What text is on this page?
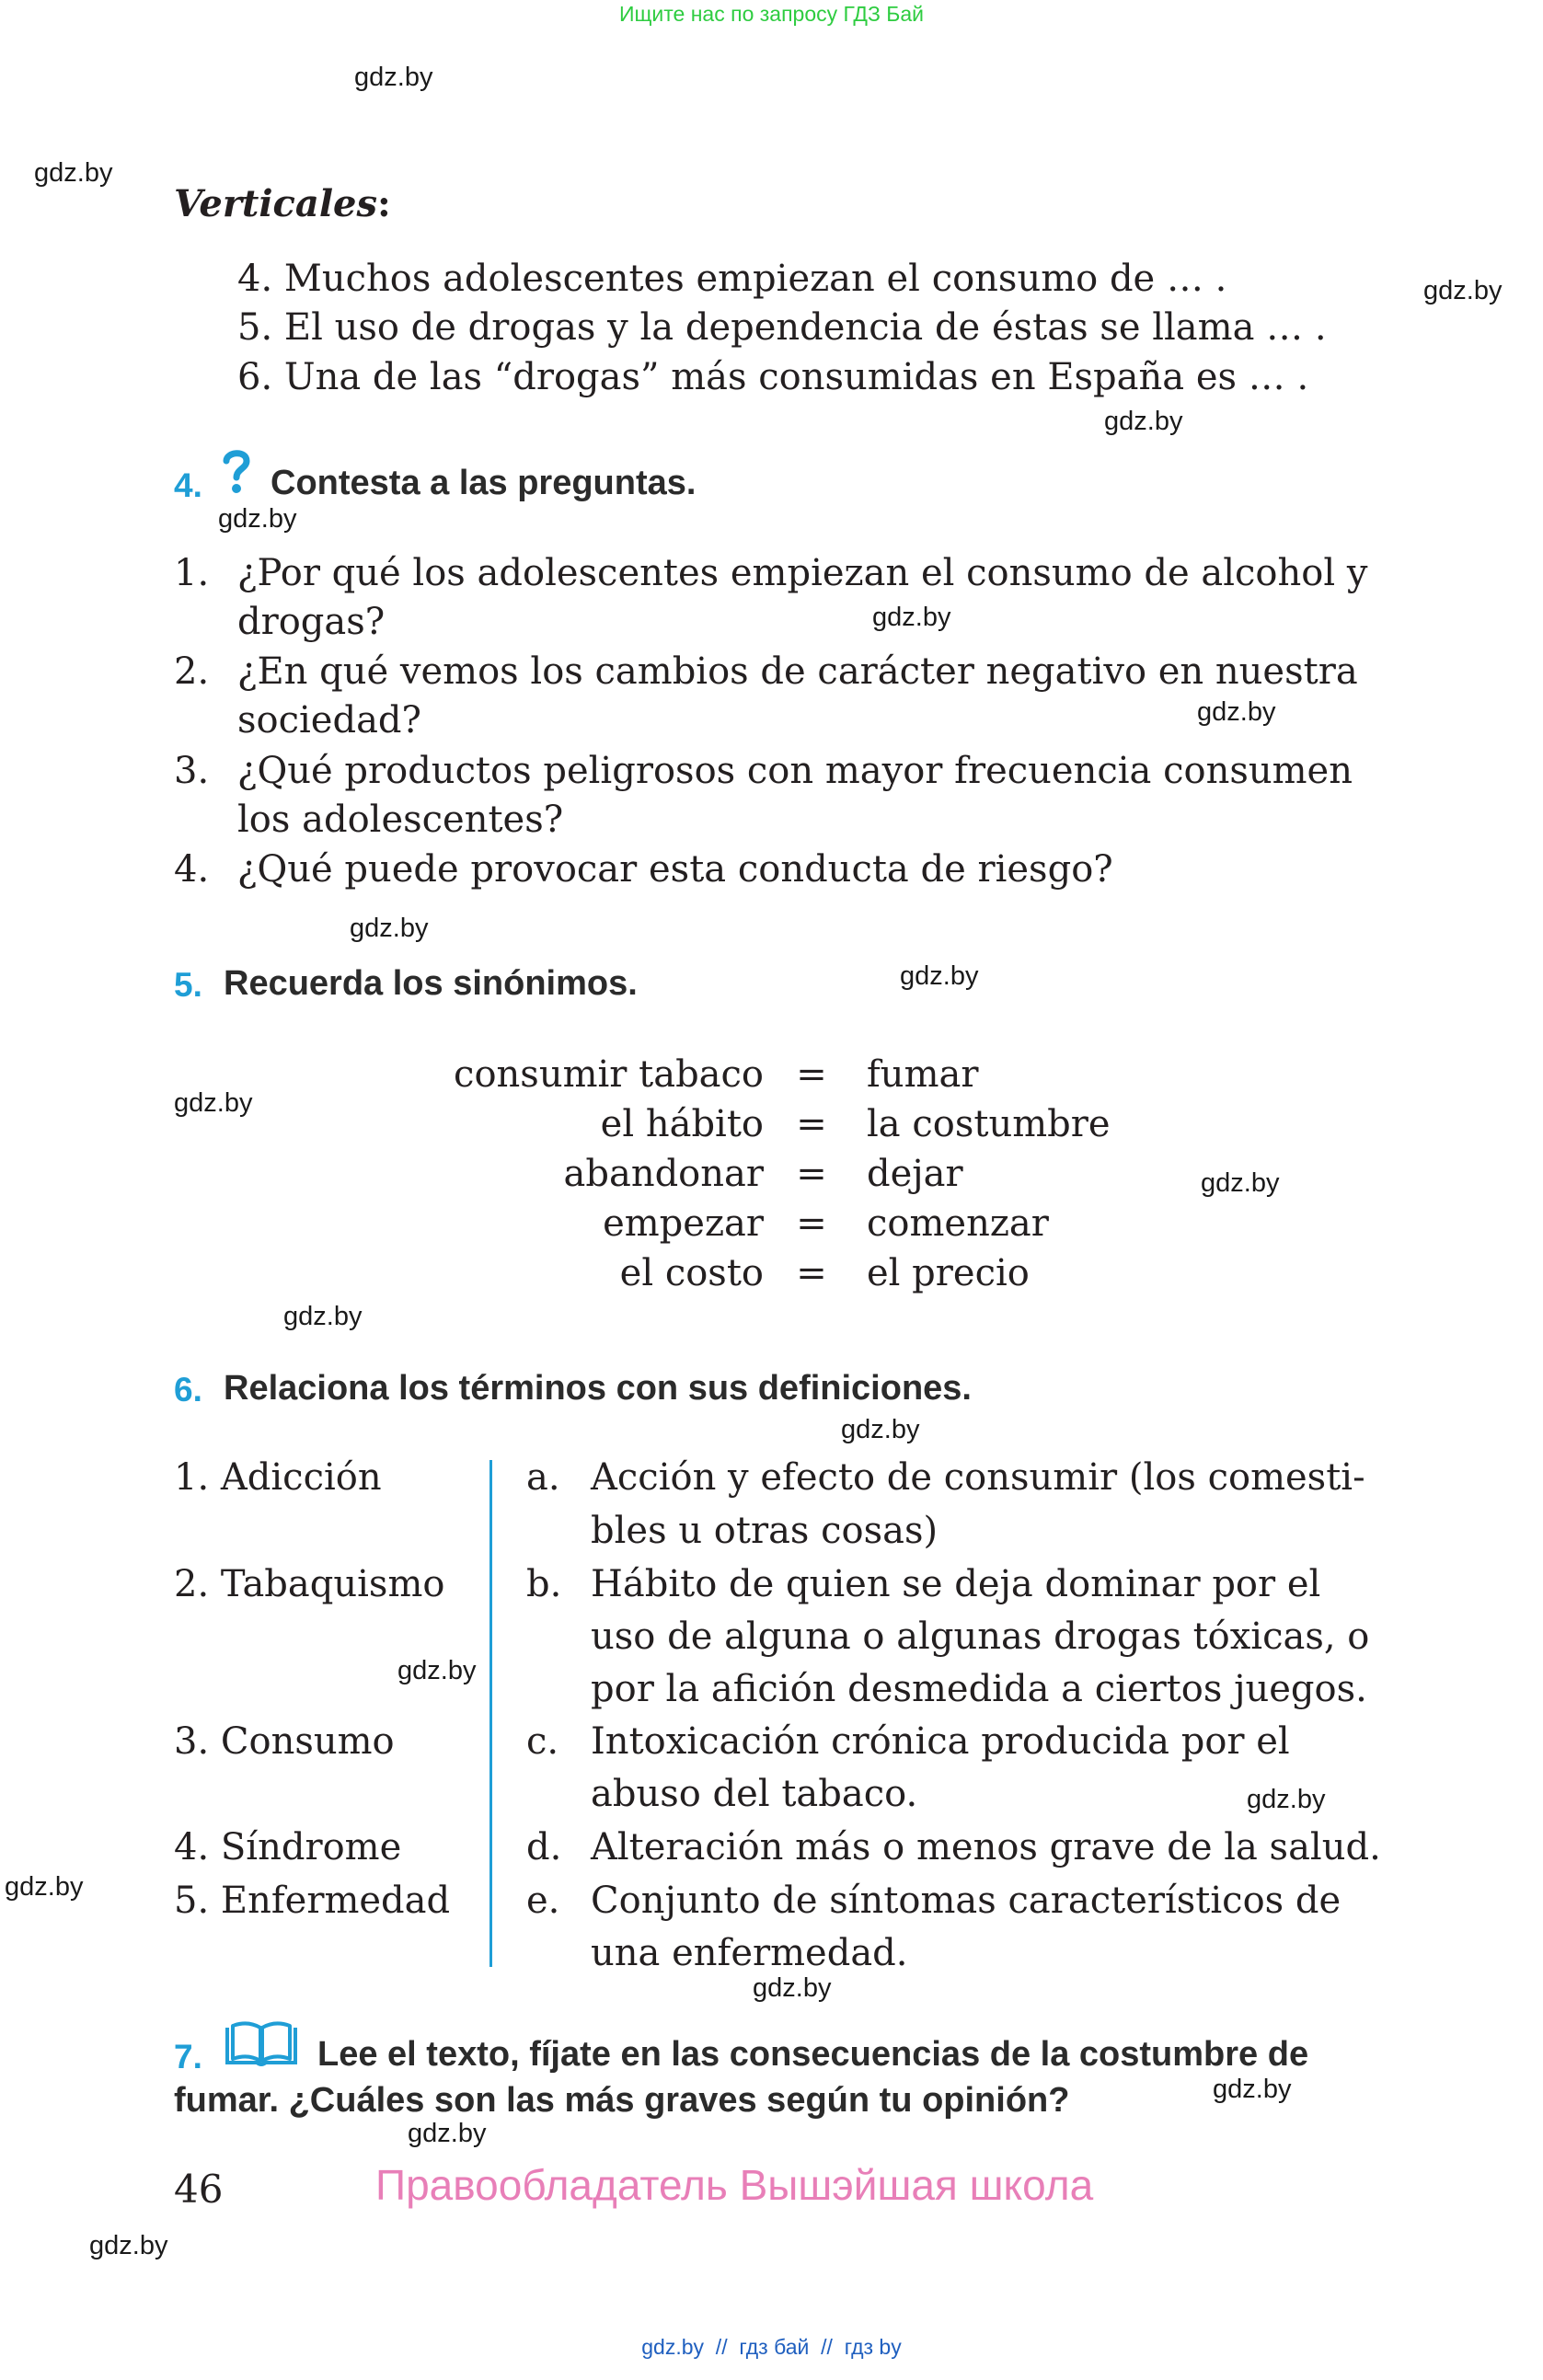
Ищите нас по запросу ГДЗ Бай
gdz.by
gdz.by
gdz.by
gdz.by
gdz.by
gdz.by
gdz.by
gdz.by
gdz.by
gdz.by
gdz.by
gdz.by
gdz.by
gdz.by
gdz.by
gdz.by
gdz.by
gdz.by
gdz.by
gdz.by
Verticales:
4. Muchos adolescentes empiezan el consumo de … .
5. El uso de drogas y la dependencia de éstas se llama … .
6. Una de las “drogas” más consumidas en España es … .
4. Contesta a las preguntas.
1. ¿Por qué los adolescentes empiezan el consumo de alcohol y
drogas?
2. ¿En qué vemos los cambios de carácter negativo en nuestra
sociedad?
3. ¿Qué productos peligrosos con mayor frecuencia consumen
los adolescentes?
4. ¿Qué puede provocar esta conducta de riesgo?
5. Recuerda los sinónimos.
consumir tabaco = fumar
el hábito = la costumbre
abandonar = dejar
empezar = comenzar
el costo = el precio
6. Relaciona los términos con sus definiciones.
1. Adicción
2. Tabaquismo
3. Consumo
4. Síndrome
5. Enfermedad
a. Acción y efecto de consumir (los comesti-
bles u otras cosas)
b. Hábito de quien se deja dominar por el
uso de alguna o algunas drogas tóxicas, o
por la afición desmedida a ciertos juegos.
c. Intoxicación crónica producida por el
abuso del tabaco.
d. Alteración más o menos grave de la salud.
e. Conjunto de síntomas característicos de
una enfermedad.
7.	Lee el texto, fíjate en las consecuencias de la costumbre de
fumar. ¿Cuáles son las más graves según tu opinión?
46	Правообладатель Вышэйшая школа
gdz.by  //  гдз бай  //  гдз by
